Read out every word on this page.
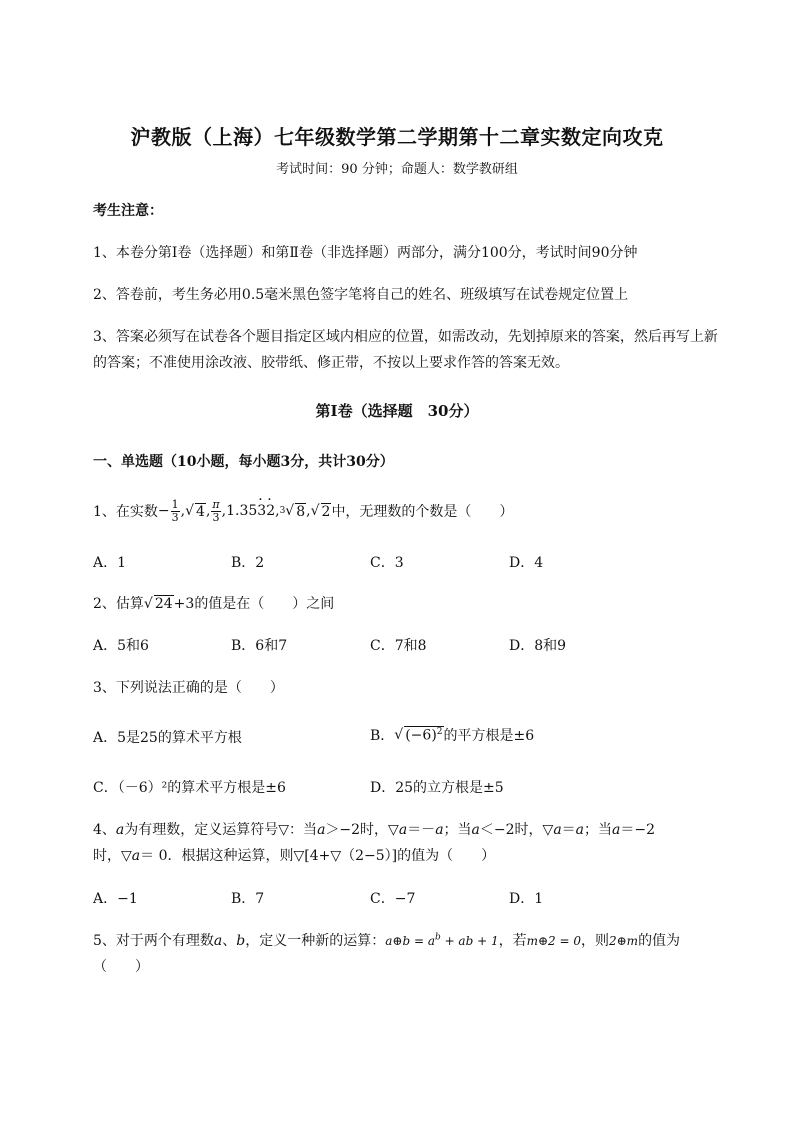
沪教版（上海）七年级数学第二学期第十二章实数定向攻克
考试时间：90 分钟；命题人：数学教研组
考生注意：
1、本卷分第Ⅰ卷（选择题）和第Ⅱ卷（非选择题）两部分，满分100分，考试时间90分钟
2、答卷前，考生务必用0.5毫米黑色签字笔将自己的姓名、班级填写在试卷规定位置上
3、答案必须写在试卷各个题目指定区域内相应的位置，如需改动，先划掉原来的答案，然后再写上新
的答案；不准使用涂改液、胶带纸、修正带，不按以上要求作答的答案无效。
第Ⅰ卷（选择题　30分）
一、单选题（10小题，每小题3分，共计30分）
1、在实数 − $\frac{1}{3}$ , √ 4 , $\frac{\pi}{3} ,1.35$
· 3
· 2 , 3 √ 8 , √ 2 中，无理数的个数是（　　）
A．1	B．2	C．3	D．4
2、估算√ 24+3的值是在（　　）之间
A．5和6	B．6和7	C．7和8	D．8和9
3、下列说法正确的是（　　）
A．5是25的算术平方根	B． √ $(-6)^2$ 的平方根是±6
C．（－6）²的算术平方根是±6	D．25的立方根是±5
4、a为有理数，定义运算符号▽：当a＞−2时，▽a＝－a；当a＜−2时，▽a＝a；当a＝−2
时，▽a＝ 0．根据这种运算，则▽[4+▽（2−5）]的值为（　　）
A．−1	B．7	C．−7	D．1
5、对于两个有理数a、b，定义一种新的运算：a⊕b = $a^b$ + ab + 1，若m⊕2 = 0，则2⊕m的值为
（　　）
